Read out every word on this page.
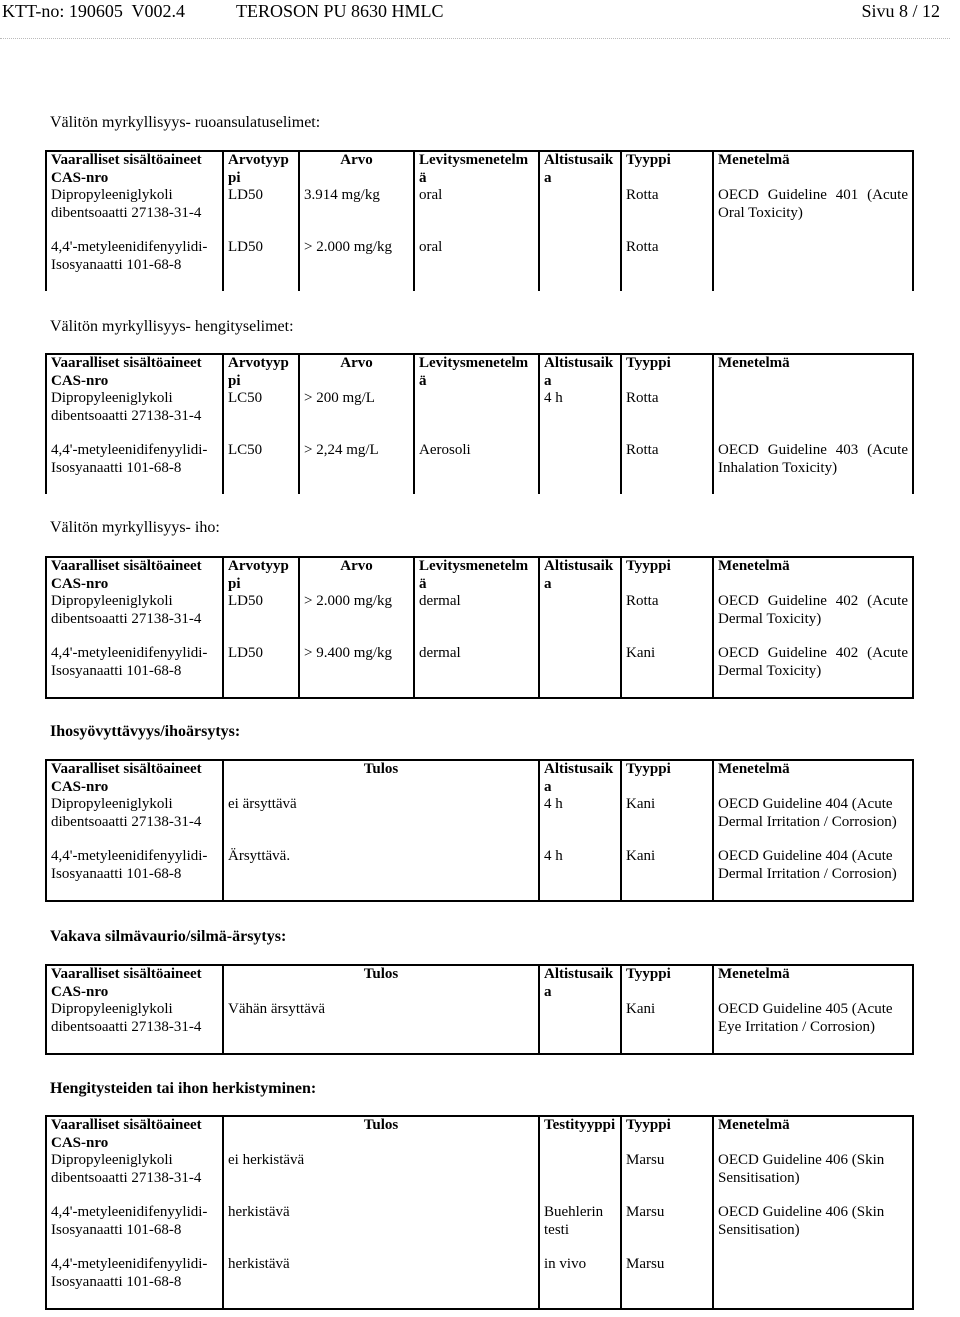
KTT-no: 190605  V002.4	TEROSON PU 8630 HMLC	Sivu 8 / 12
Välitön myrkyllisyys- ruoansulatuselimet:
Vaaralliset sisältöaineet CAS-nro	Arvotyyppi	Arvo	Levitysmenetelmä	Altistusaika	Tyyppi	Menetelmä
Dipropyleeniglykoli dibentsoaatti 27138-31-4	LD50	3.914 mg/kg	oral		Rotta	OECD Guideline 401 (Acute Oral Toxicity)
4,4'-metyleenidifenyylidi-Isosyanaatti 101-68-8	LD50	> 2.000 mg/kg	oral		Rotta	
Välitön myrkyllisyys- hengityselimet:
Vaaralliset sisältöaineet CAS-nro	Arvotyyppi	Arvo	Levitysmenetelmä	Altistusaika	Tyyppi	Menetelmä
Dipropyleeniglykoli dibentsoaatti 27138-31-4	LC50	> 200 mg/L		4 h	Rotta	
4,4'-metyleenidifenyylidi-Isosyanaatti 101-68-8	LC50	> 2,24 mg/L	Aerosoli		Rotta	OECD Guideline 403 (Acute Inhalation Toxicity)
Välitön myrkyllisyys- iho:
Vaaralliset sisältöaineet CAS-nro	Arvotyyppi	Arvo	Levitysmenetelmä	Altistusaika	Tyyppi	Menetelmä
Dipropyleeniglykoli dibentsoaatti 27138-31-4	LD50	> 2.000 mg/kg	dermal		Rotta	OECD Guideline 402 (Acute Dermal Toxicity)
4,4'-metyleenidifenyylidi-Isosyanaatti 101-68-8	LD50	> 9.400 mg/kg	dermal		Kani	OECD Guideline 402 (Acute Dermal Toxicity)
Ihosyövyttävyys/ihoärsytys:
Vaaralliset sisältöaineet CAS-nro	Tulos	Altistusaika	Tyyppi	Menetelmä
Dipropyleeniglykoli dibentsoaatti 27138-31-4	ei ärsyttävä	4 h	Kani	OECD Guideline 404 (Acute Dermal Irritation / Corrosion)
4,4'-metyleenidifenyylidi-Isosyanaatti 101-68-8	Ärsyttävä.	4 h	Kani	OECD Guideline 404 (Acute Dermal Irritation / Corrosion)
Vakava silmävaurio/silmä-ärsytys:
Vaaralliset sisältöaineet CAS-nro	Tulos	Altistusaika	Tyyppi	Menetelmä
Dipropyleeniglykoli dibentsoaatti 27138-31-4	Vähän ärsyttävä		Kani	OECD Guideline 405 (Acute Eye Irritation / Corrosion)
Hengitysteiden tai ihon herkistyminen:
Vaaralliset sisältöaineet CAS-nro	Tulos	Testityyppi	Tyyppi	Menetelmä
Dipropyleeniglykoli dibentsoaatti 27138-31-4	ei herkistävä		Marsu	OECD Guideline 406 (Skin Sensitisation)
4,4'-metyleenidifenyylidi-Isosyanaatti 101-68-8	herkistävä	Buehlerin testi	Marsu	OECD Guideline 406 (Skin Sensitisation)
4,4'-metyleenidifenyylidi-Isosyanaatti 101-68-8	herkistävä	in vivo	Marsu	
